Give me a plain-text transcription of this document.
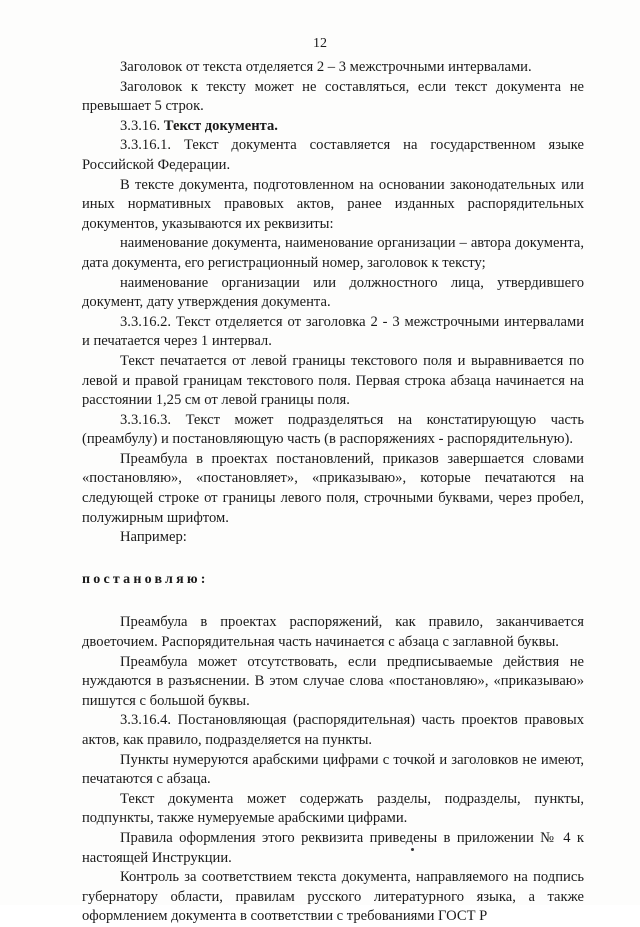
12

Заголовок от текста отделяется 2 – 3 межстрочными интервалами.

Заголовок к тексту может не составляться, если текст документа не превышает 5 строк.

3.3.16. Текст документа.

3.3.16.1. Текст документа составляется на государственном языке Российской Федерации.

В тексте документа, подготовленном на основании законодательных или иных нормативных правовых актов, ранее изданных распорядительных документов, указываются их реквизиты:

наименование документа, наименование организации – автора документа, дата документа, его регистрационный номер, заголовок к тексту;

наименование организации или должностного лица, утвердившего документ, дату утверждения документа.

3.3.16.2. Текст отделяется от заголовка 2 - 3 межстрочными интервалами и печатается через 1 интервал.

Текст печатается от левой границы текстового поля и выравнивается по левой и правой границам текстового поля. Первая строка абзаца начинается на расстоянии 1,25 см от левой границы поля.

3.3.16.3. Текст может подразделяться на констатирующую часть (преамбулу) и постановляющую часть (в распоряжениях - распорядительную).

Преамбула в проектах постановлений, приказов завершается словами «постановляю», «постановляет», «приказываю», которые печатаются на следующей строке от границы левого поля, строчными буквами, через пробел, полужирным шрифтом.

Например:

постановляю:

Преамбула в проектах распоряжений, как правило, заканчивается двоеточием. Распорядительная часть начинается с абзаца с заглавной буквы.

Преамбула может отсутствовать, если предписываемые действия не нуждаются в разъяснении. В этом случае слова «постановляю», «приказываю» пишутся с большой буквы.

3.3.16.4. Постановляющая (распорядительная) часть проектов правовых актов, как правило, подразделяется на пункты.

Пункты нумеруются арабскими цифрами с точкой и заголовков не имеют, печатаются с абзаца.

Текст документа может содержать разделы, подразделы, пункты, подпункты, также нумеруемые арабскими цифрами.

Правила оформления этого реквизита приведены в приложении № 4 к настоящей Инструкции.

Контроль за соответствием текста документа, направляемого на подпись губернатору области, правилам русского литературного языка, а также оформлением документа в соответствии с требованиями ГОСТ Р
